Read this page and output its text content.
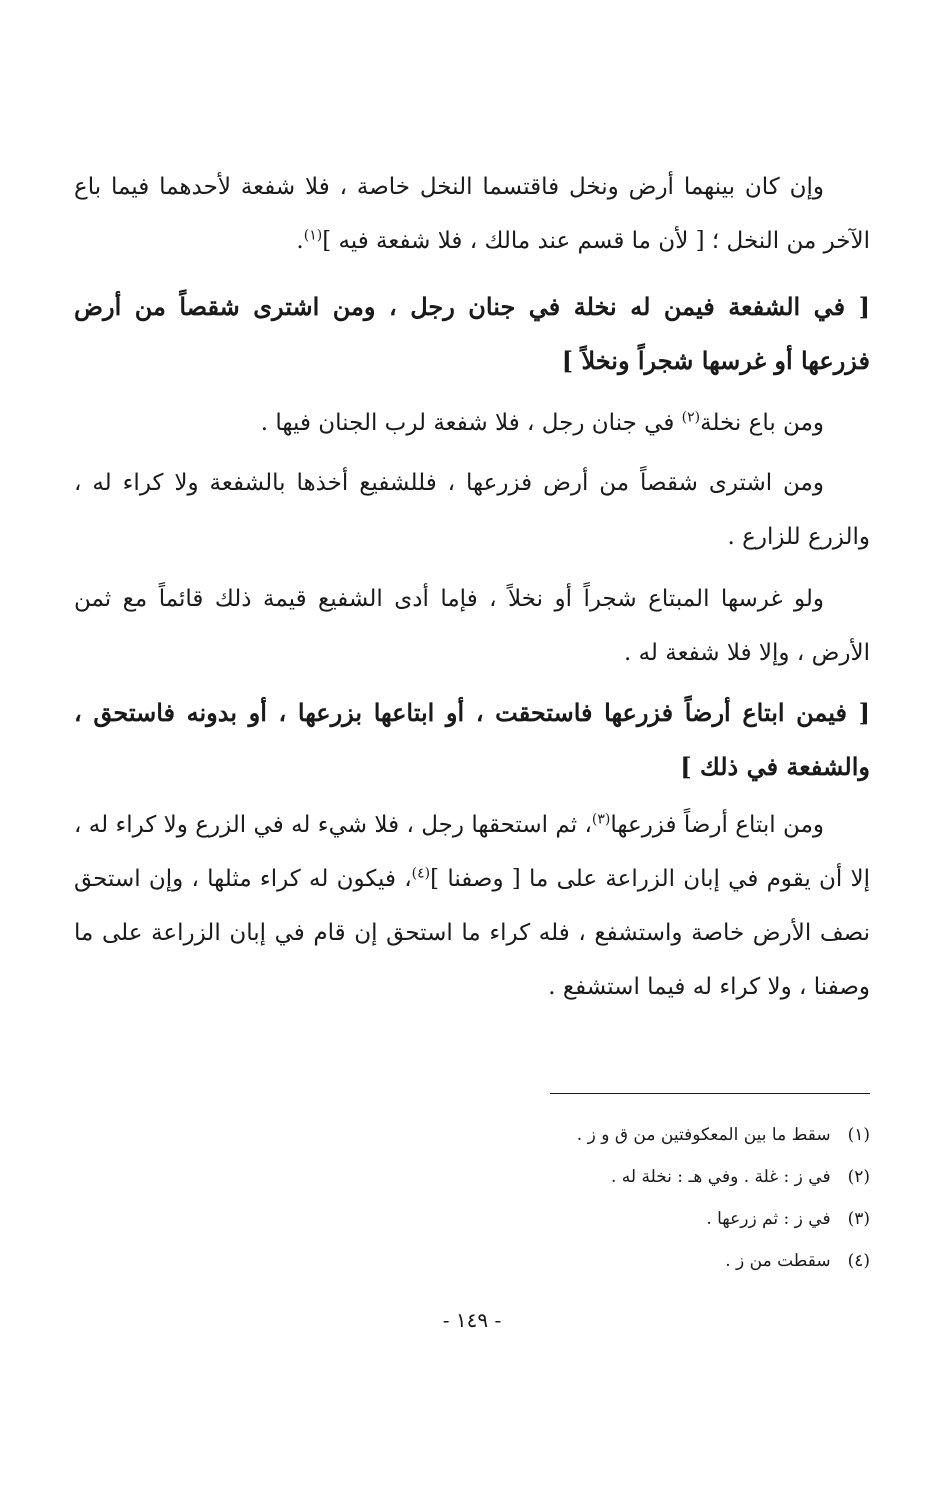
وإن كان بينهما أرض ونخل فاقتسما النخل خاصة ، فلا شفعة لأحدهما فيما باع الآخر من النخل ؛ [ لأن ما قسم عند مالك ، فلا شفعة فيه ]$^{(١)}$.

[ في الشفعة فيمن له نخلة في جنان رجل ، ومن اشترى شقصاً من أرض فزرعها أو غرسها شجراً ونخلاً ]

ومن باع نخلة$^{(٢)}$ في جنان رجل ، فلا شفعة لرب الجنان فيها .

ومن اشترى شقصاً من أرض فزرعها ، فللشفيع أخذها بالشفعة ولا كراء له ، والزرع للزارع .

ولو غرسها المبتاع شجراً أو نخلاً ، فإما أدى الشفيع قيمة ذلك قائماً مع ثمن الأرض ، وإلا فلا شفعة له .

[ فيمن ابتاع أرضاً فزرعها فاستحقت ، أو ابتاعها بزرعها ، أو بدونه فاستحق ، والشفعة في ذلك ]

ومن ابتاع أرضاً فزرعها$^{(٣)}$، ثم استحقها رجل ، فلا شيء له في الزرع ولا كراء له ، إلا أن يقوم في إبان الزراعة على ما [ وصفنا ]$^{(٤)}$، فيكون له كراء مثلها ، وإن استحق نصف الأرض خاصة واستشفع ، فله كراء ما استحق إن قام في إبان الزراعة على ما وصفنا ، ولا كراء له فيما استشفع .

(١) سقط ما بين المعكوفتين من ق و ز .
(٢) في ز : غلة . وفي هـ : نخلة له .
(٣) في ز : ثم زرعها .
(٤) سقطت من ز .
- ١٤٩ -
